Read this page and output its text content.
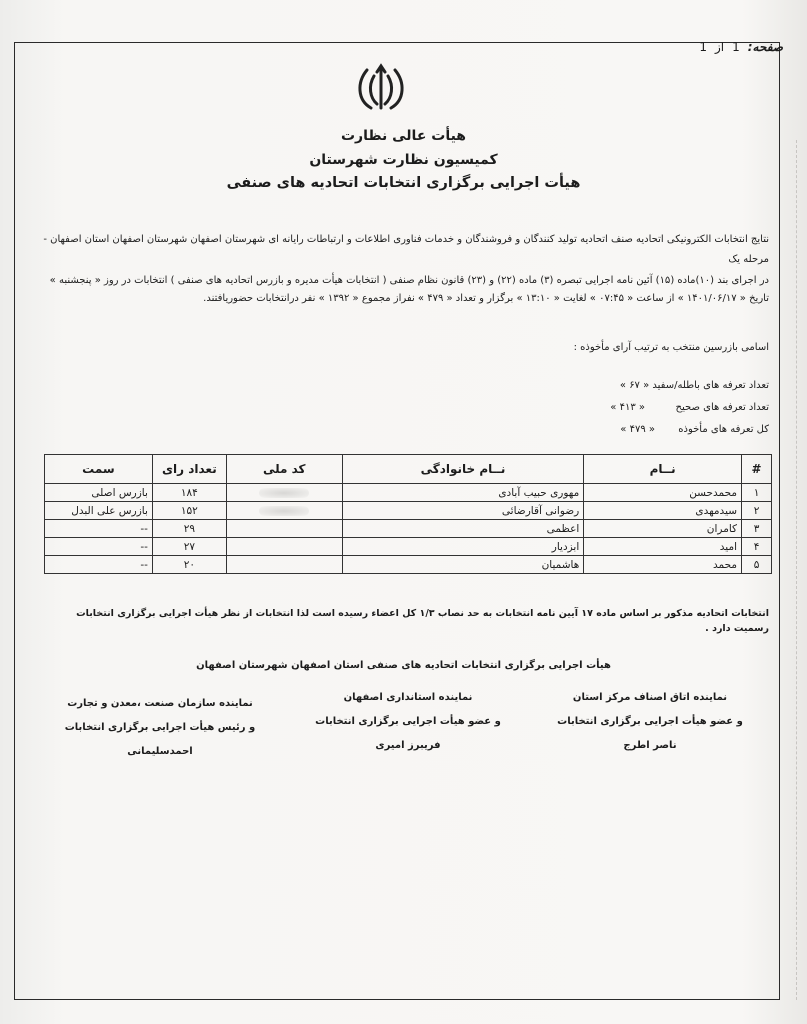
صفحه:
1
از
1
هیأت عالی نظارت
کمیسیون نظارت شهرستان
هیأت اجرایی برگزاری انتخابات اتحادیه های صنفی
نتایج انتخابات الکترونیکی اتحادیه صنف اتحادیه تولید کنندگان و فروشندگان و خدمات فناوری اطلاعات و ارتباطات رایانه ای شهرستان اصفهان شهرستان اصفهان استان اصفهان - مرحله یک
در اجرای بند (۱۰)ماده (۱۵) آئین نامه اجرایی تبصره (۳) ماده (۲۲) و (۲۳) قانون نظام صنفی ( انتخابات هیأت مدیره و بازرس اتحادیه های صنفی ) انتخابات در روز « پنجشنبه » تاریخ « ۱۴۰۱/۰۶/۱۷ » از ساعت « ۰۷:۴۵ » لغایت « ۱۳:۱۰ » برگزار و تعداد « ۴۷۹ » نفراز مجموع « ۱۳۹۲ » نفر درانتخابات حضوریافتند.
اسامی بازرسین منتخب به ترتیب آرای مأخوذه :
تعداد تعرفه های باطله/سفید « ۶۷ »
تعداد تعرفه های صحیح
« ۴۱۳ »
کل تعرفه های مأخوذه
« ۴۷۹ »
#	نــام	نــام خانوادگی	کد ملی	تعداد رای	سمت
۱	محمدحسن	مهوری حبیب آبادی		۱۸۴	بازرس اصلی
۲	سیدمهدی	رضوانی آقارضائی		۱۵۲	بازرس علی البدل
۳	کامران	اعظمی		۲۹	--
۴	امید	ابزدیار		۲۷	--
۵	محمد	هاشمیان		۲۰	--
انتخابات اتحادیه مذکور بر اساس ماده ۱۷ آیین نامه انتخابات به حد نصاب ۱/۳ کل اعضاء رسیده است لذا انتخابات از نظر هیأت اجرایی برگزاری انتخابات رسمیت دارد .
هیأت اجرایی برگزاری انتخابات اتحادیه های صنفی استان اصفهان شهرستان اصفهان
نماینده اتاق اصناف مرکز استان
و عضو هیأت اجرایی برگزاری انتخابات
ناصر اطرج
نماینده استانداری اصفهان
و عضو هیأت اجرایی برگزاری انتخابات
فریبرز امیری
نماینده سازمان صنعت ،معدن و تجارت
و رئیس هیأت اجرایی برگزاری انتخابات
احمدسلیمانی
